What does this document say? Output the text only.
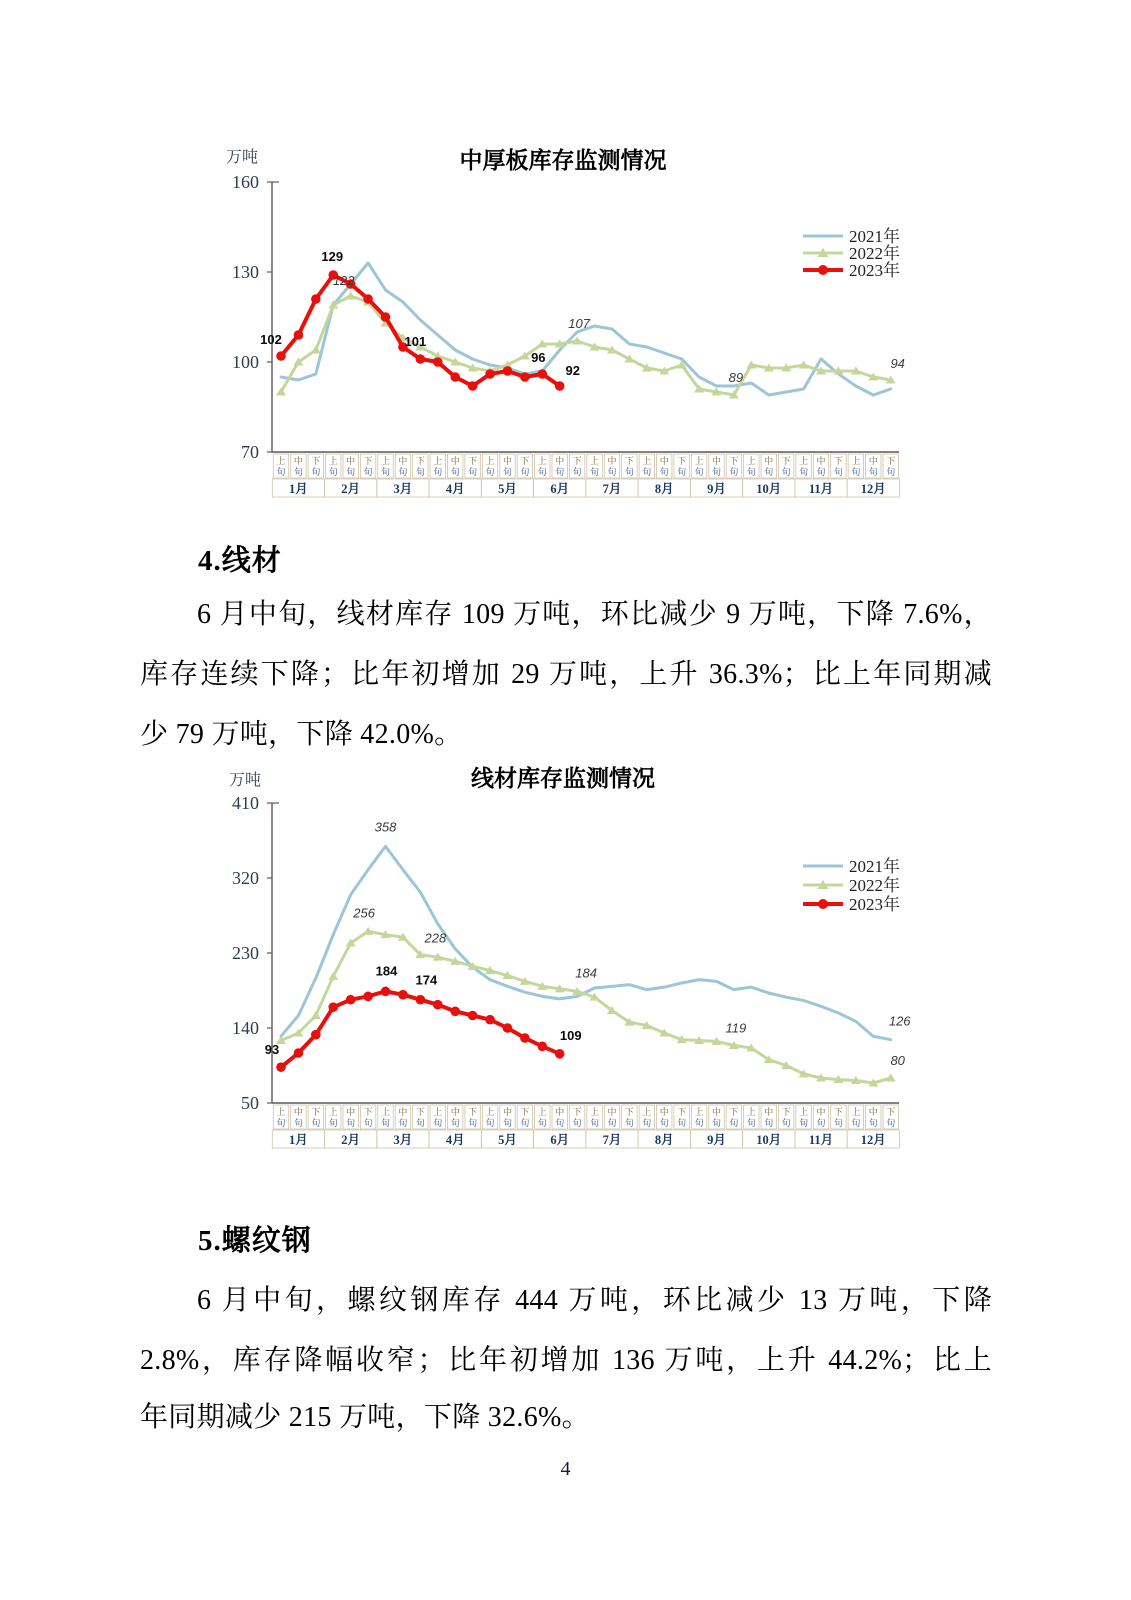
中厚板库存监测情况
万吨
160
130
100
70 上
旬
中
旬
下
旬
上
旬
中
旬
下
旬
上
旬
中
旬
下
旬
上
旬
中
旬
下
旬
上
旬
中
旬
下
旬
上
旬
中
旬
下
旬
上
旬
中
旬
下
旬
上
旬
中
旬
下
旬
上
旬
中
旬
下
旬
上
旬
中
旬
下
旬
上
旬
中
旬
下
旬
上
旬
中
旬
下
旬
1月	2月	3月	4月	5月	6月	7月	8月	9月 10月 11月 12月
102
129
101
96
92
122
107
89
94
2021年
2022年
2023年
4.线材
6 月中旬，线材库存 109 万吨，环比减少 9 万吨，下降 7.6%，
库存连续下降；比年初增加 29 万吨，上升 36.3%；比上年同期减
少 79 万吨，下降 42.0%。
线材库存监测情况
万吨
410
320
230
140
50 上
旬
中
旬
下
旬
上
旬
中
旬
下
旬
上
旬
中
旬
下
旬
上
旬
中
旬
下
旬
上
旬
中
旬
下
旬
上
旬
中
旬
下
旬
上
旬
中
旬
下
旬
上
旬
中
旬
下
旬
上
旬
中
旬
下
旬
上
旬
中
旬
下
旬
上
旬
中
旬
下
旬
上
旬
中
旬
下
旬
1月	2月	3月	4月	5月	6月	7月	8月	9月 10月 11月 12月
93
184
174
109
256
228
184
119
80
358
126
2021年
2022年
2023年
5.螺纹钢
6 月中旬，螺纹钢库存 444 万吨，环比减少 13 万吨，下降
2.8%，库存降幅收窄；比年初增加 136 万吨，上升 44.2%；比上
年同期减少 215 万吨，下降 32.6%。
4
